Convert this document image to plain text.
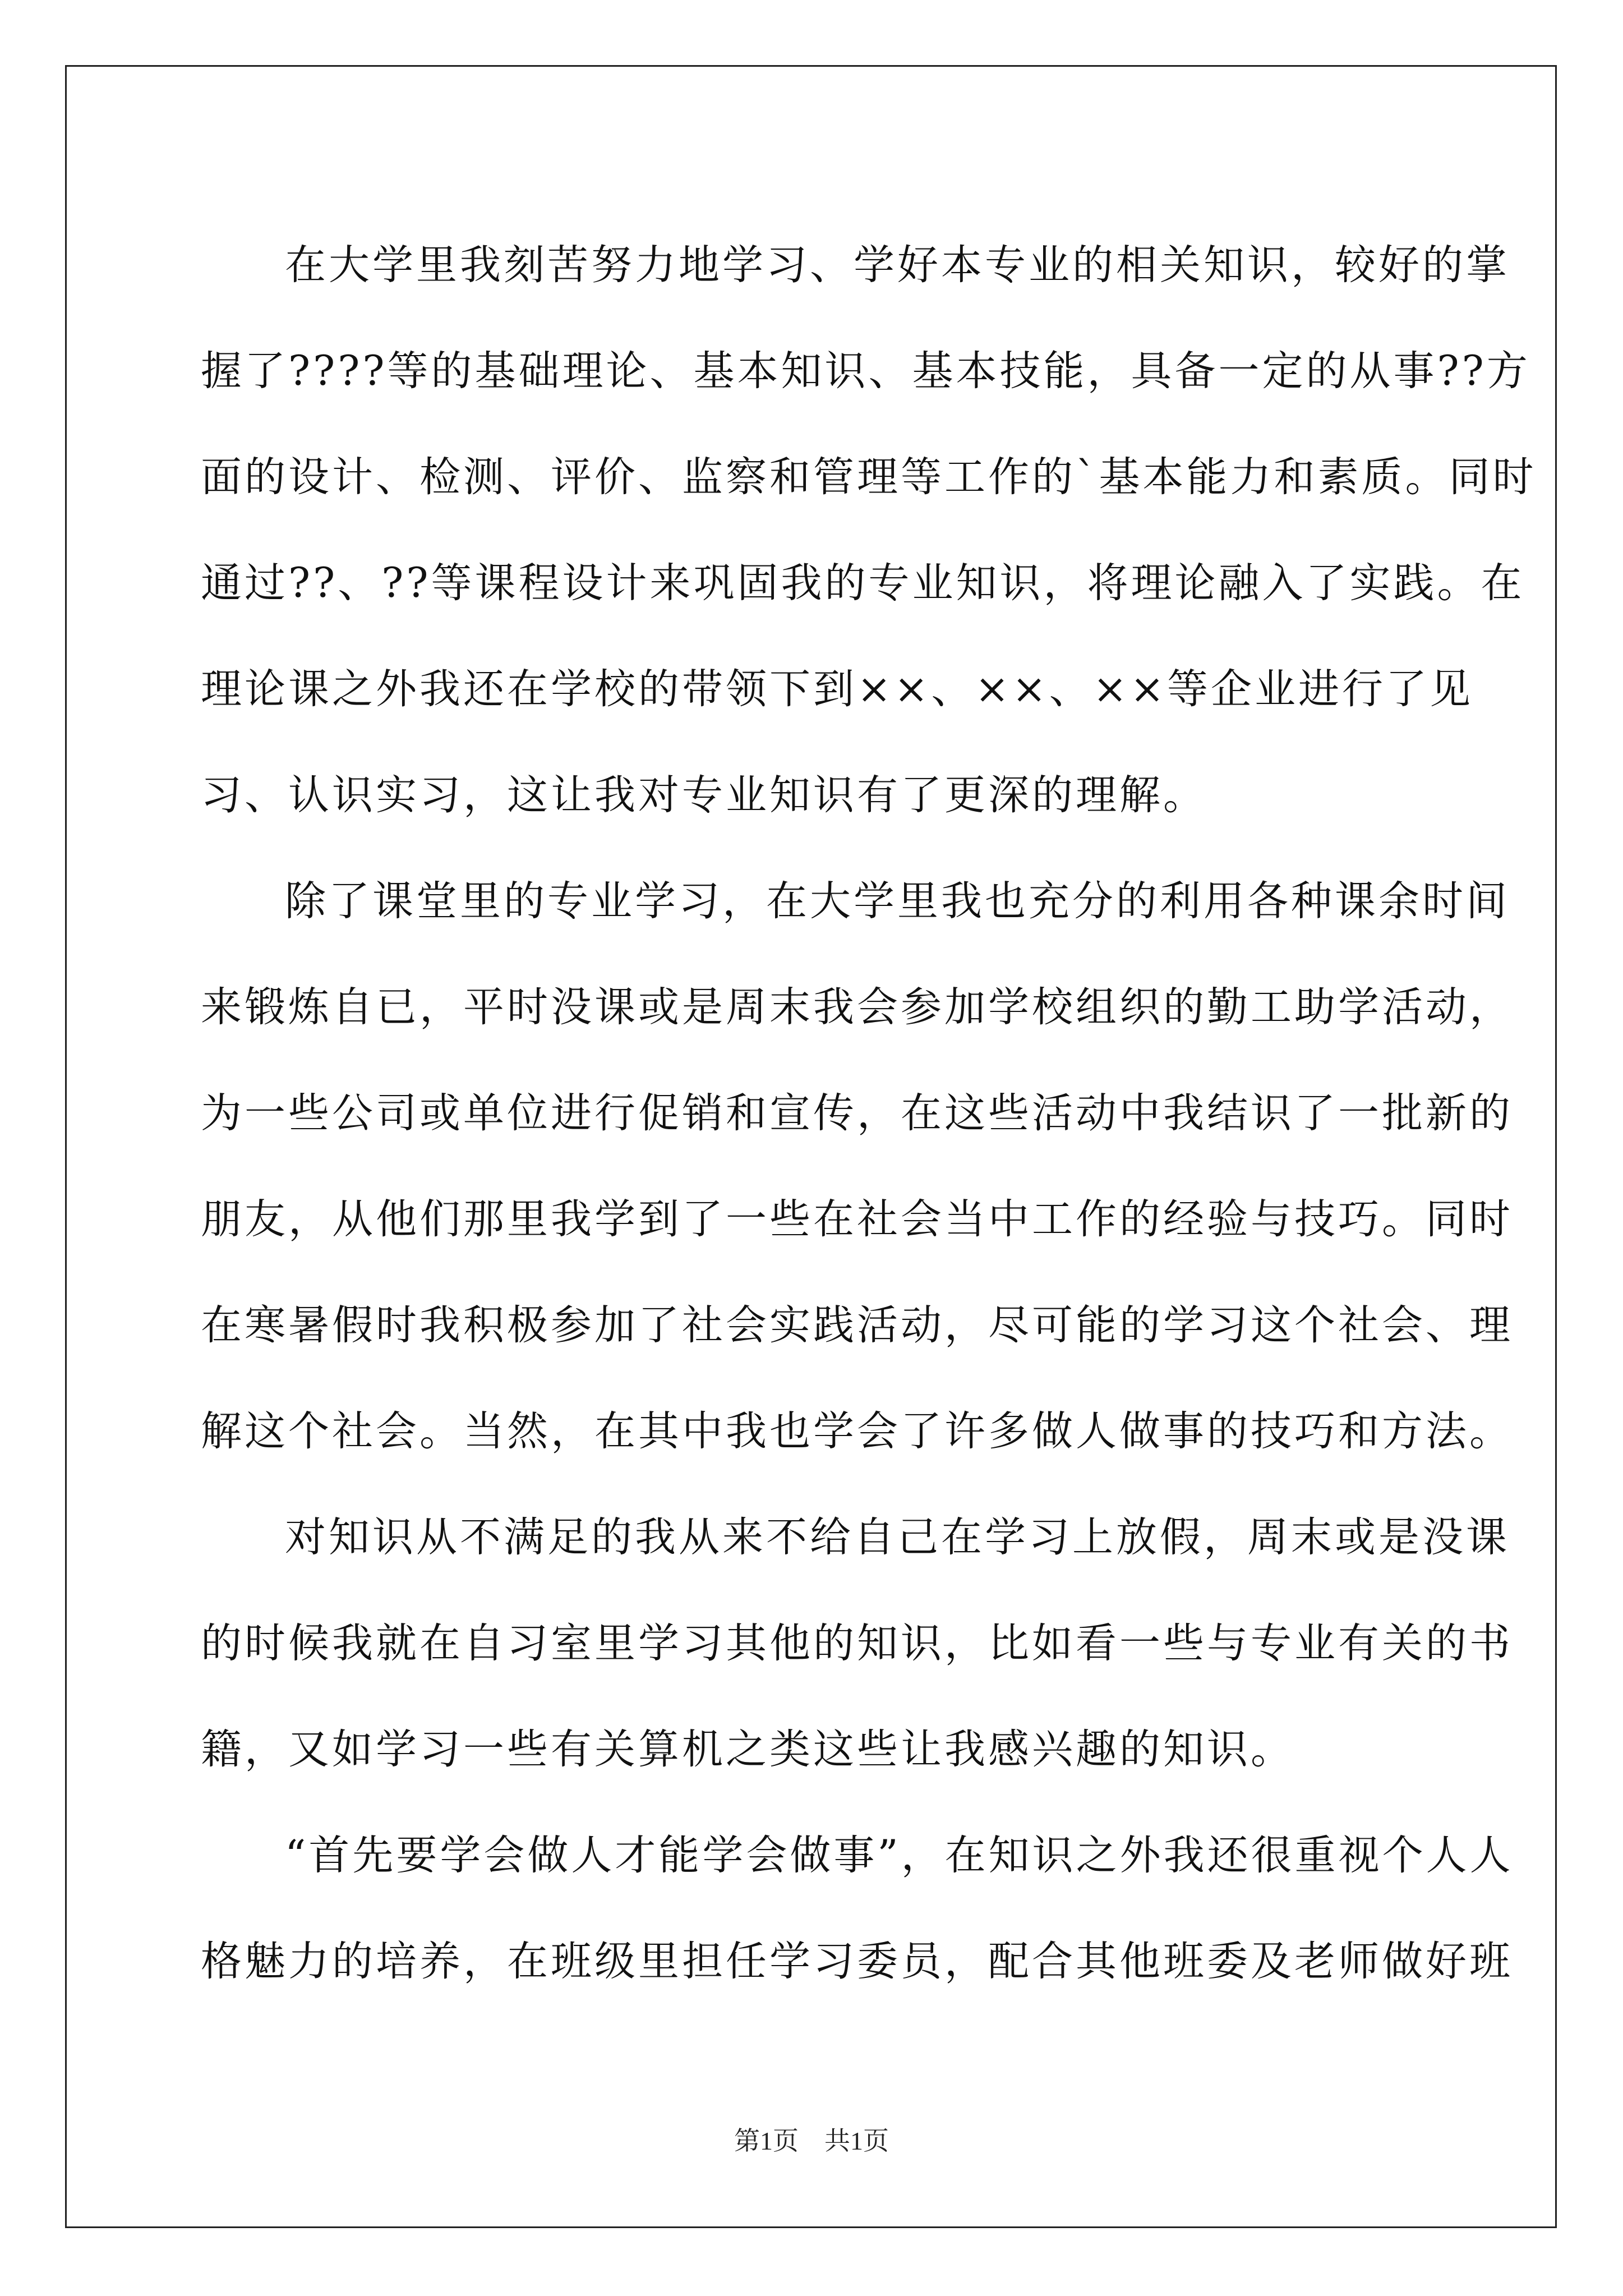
在大学里我刻苦努力地学习、学好本专业的相关知识，较好的掌
握了????等的基础理论、基本知识、基本技能，具备一定的从事??方
面的设计、检测、评价、监察和管理等工作的`基本能力和素质。同时
通过??、??等课程设计来巩固我的专业知识，将理论融入了实践。在
理论课之外我还在学校的带领下到××、××、××等企业进行了见
习、认识实习，这让我对专业知识有了更深的理解。
除了课堂里的专业学习，在大学里我也充分的利用各种课余时间
来锻炼自已，平时没课或是周末我会参加学校组织的勤工助学活动，
为一些公司或单位进行促销和宣传，在这些活动中我结识了一批新的
朋友，从他们那里我学到了一些在社会当中工作的经验与技巧。同时
在寒暑假时我积极参加了社会实践活动，尽可能的学习这个社会、理
解这个社会。当然，在其中我也学会了许多做人做事的技巧和方法。
对知识从不满足的我从来不给自己在学习上放假，周末或是没课
的时候我就在自习室里学习其他的知识，比如看一些与专业有关的书
籍，又如学习一些有关算机之类这些让我感兴趣的知识。
“首先要学会做人才能学会做事”，在知识之外我还很重视个人人
格魅力的培养，在班级里担任学习委员，配合其他班委及老师做好班
第1页　共1页
